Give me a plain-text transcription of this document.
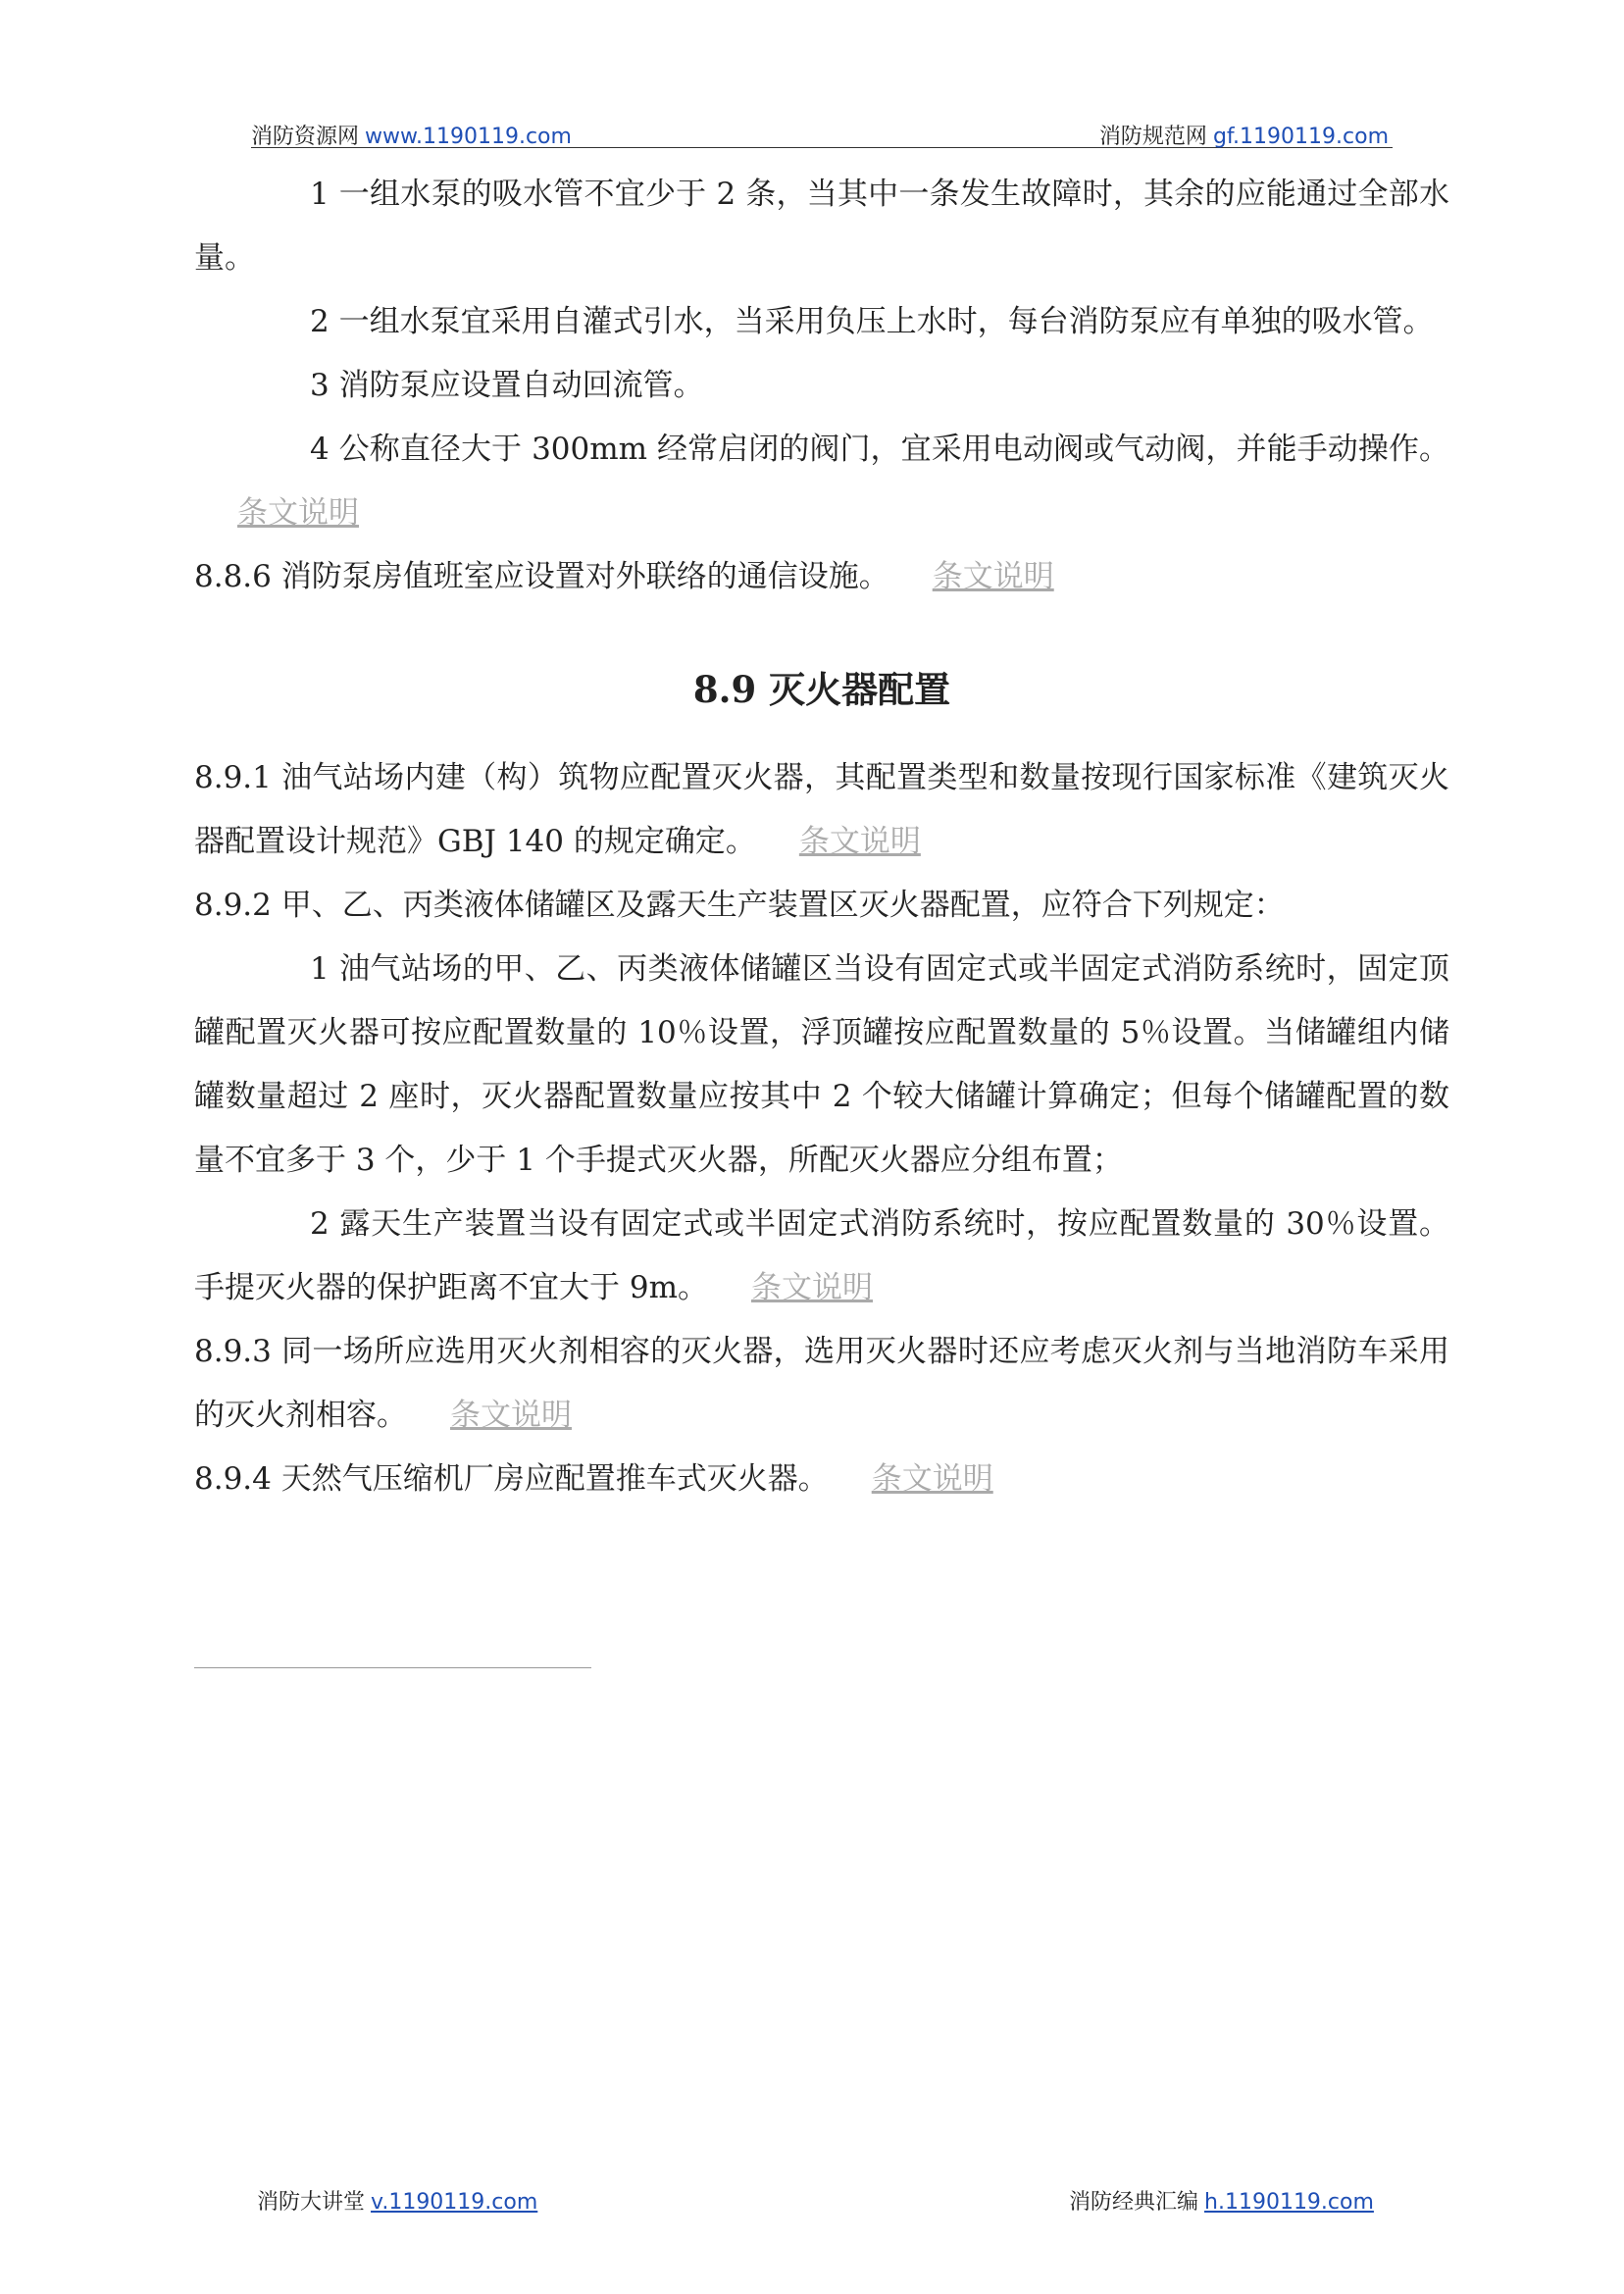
消防资源网 www.1190119.com	消防规范网 gf.1190119.com

1 一组水泵的吸水管不宜少于 2 条，当其中一条发生故障时，其余的应能通过全部水量。

2 一组水泵宜采用自灌式引水，当采用负压上水时，每台消防泵应有单独的吸水管。

3 消防泵应设置自动回流管。

4 公称直径大于 300mm 经常启闭的阀门，宜采用电动阀或气动阀，并能手动操作。条文说明

8.8.6 消防泵房值班室应设置对外联络的通信设施。 条文说明

8.9 灭火器配置

8.9.1 油气站场内建（构）筑物应配置灭火器，其配置类型和数量按现行国家标准《建筑灭火器配置设计规范》GBJ 140 的规定确定。 条文说明

8.9.2 甲、乙、丙类液体储罐区及露天生产装置区灭火器配置，应符合下列规定：

1 油气站场的甲、乙、丙类液体储罐区当设有固定式或半固定式消防系统时，固定顶罐配置灭火器可按应配置数量的 10％设置，浮顶罐按应配置数量的 5％设置。当储罐组内储罐数量超过 2 座时，灭火器配置数量应按其中 2 个较大储罐计算确定；但每个储罐配置的数量不宜多于 3 个，少于 1 个手提式灭火器，所配灭火器应分组布置；

2 露天生产装置当设有固定式或半固定式消防系统时，按应配置数量的 30％设置。手提灭火器的保护距离不宜大于 9m。 条文说明

8.9.3 同一场所应选用灭火剂相容的灭火器，选用灭火器时还应考虑灭火剂与当地消防车采用的灭火剂相容。 条文说明

8.9.4 天然气压缩机厂房应配置推车式灭火器。 条文说明

消防大讲堂 v.1190119.com	消防经典汇编 h.1190119.com
